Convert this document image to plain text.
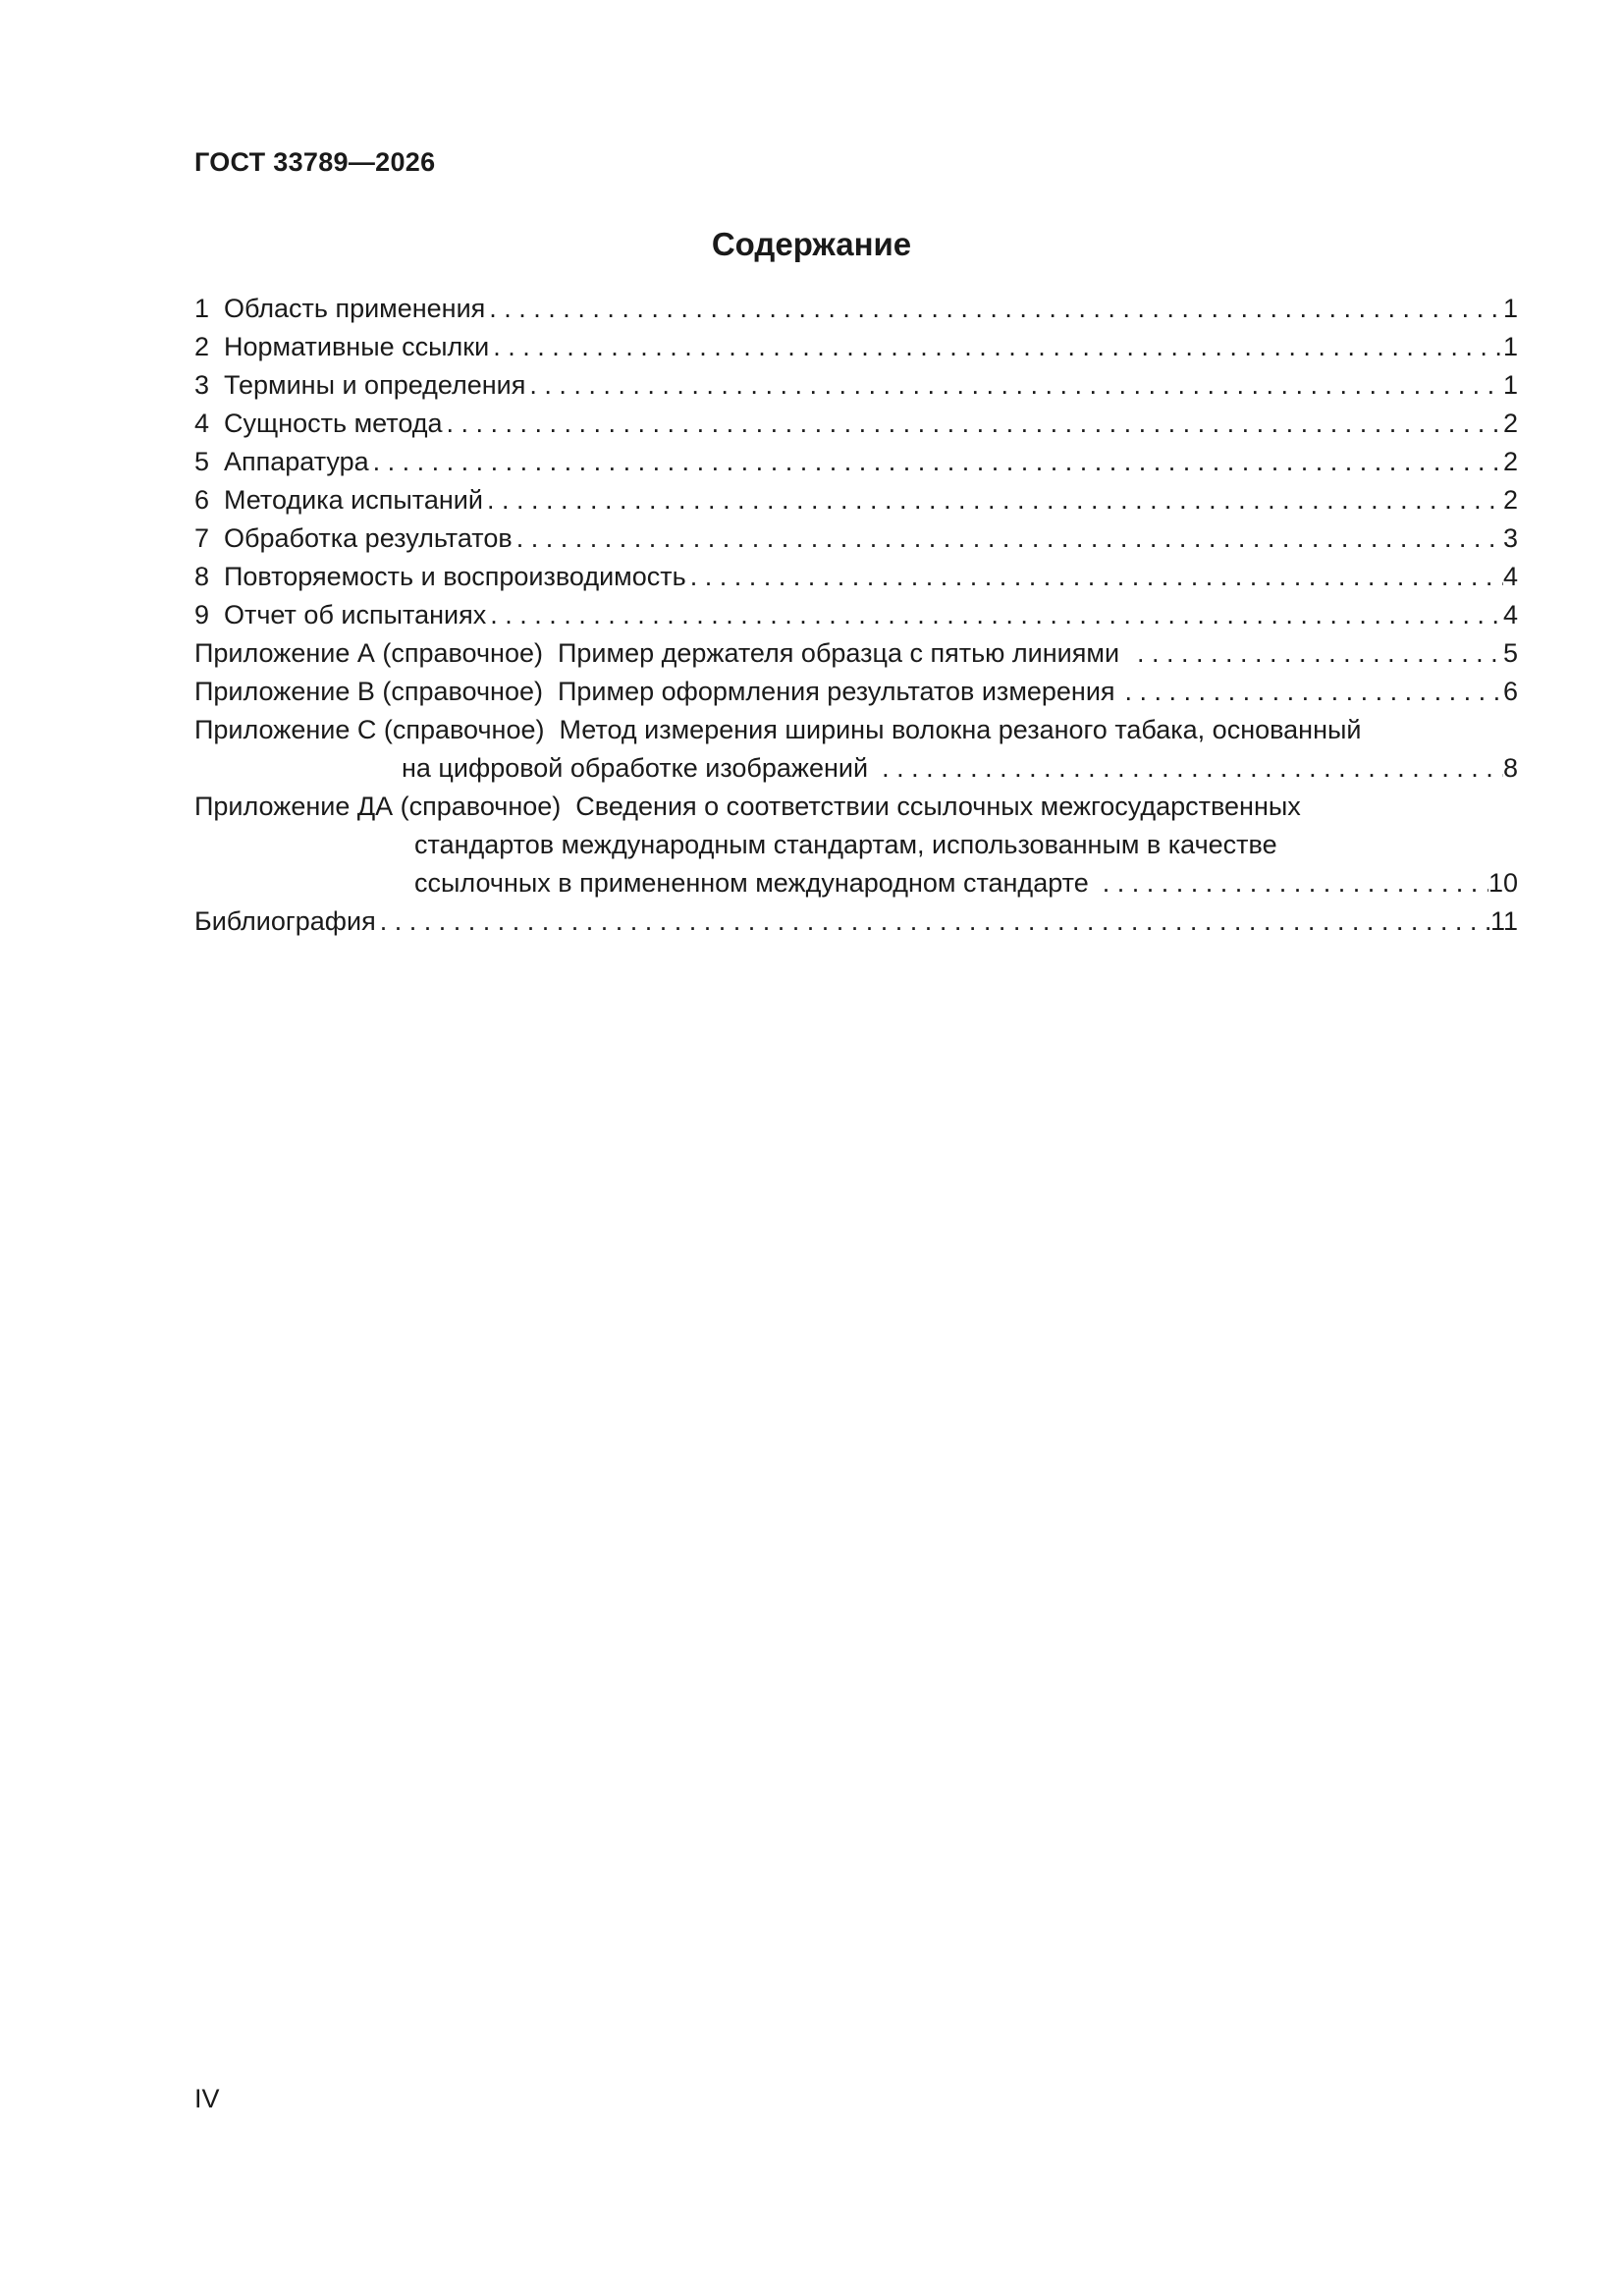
ГОСТ 33789—2026
Содержание
1 Область применения . . .	1
2 Нормативные ссылки . . .	1
3 Термины и определения . . .	1
4 Сущность метода . . .	2
5 Аппаратура . . .	2
6 Методика испытаний . . .	2
7 Обработка результатов . . .	3
8 Повторяемость и воспроизводимость . . .	4
9 Отчет об испытаниях . . .	4
Приложение А (справочное) Пример держателя образца с пятью линиями . . .	5
Приложение В (справочное) Пример оформления результатов измерения . . .	6
Приложение С (справочное) Метод измерения ширины волокна резаного табака, основанный
на цифровой обработке изображений . . .	8
Приложение ДА (справочное) Сведения о соответствии ссылочных межгосударственных
стандартов международным стандартам, использованным в качестве
ссылочных в примененном международном стандарте . . .	10
Библиография . . .	11
IV
